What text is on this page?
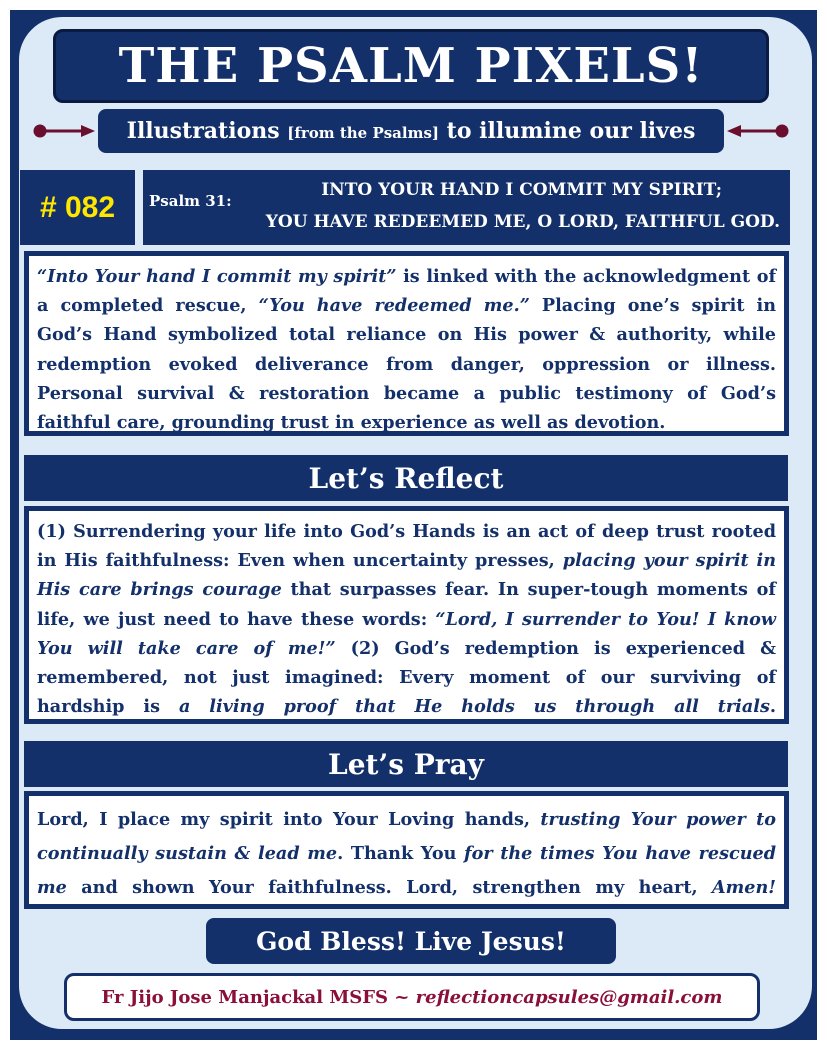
THE PSALM PIXELS!
Illustrations [from the Psalms] to illumine our lives
# 082 Psalm 31:
INTO YOUR HAND I COMMIT MY SPIRIT;
YOU HAVE REDEEMED ME, O LORD, FAITHFUL GOD.

“Into Your hand I commit my spirit” is linked with the acknowledgment of a completed rescue, “You have redeemed me.” Placing one’s spirit in God’s Hand symbolized total reliance on His power & authority, while redemption evoked deliverance from danger, oppression or illness. Personal survival & restoration became a public testimony of God’s faithful care, grounding trust in experience as well as devotion.

Let’s Reflect

(1) Surrendering your life into God’s Hands is an act of deep trust rooted in His faithfulness: Even when uncertainty presses, placing your spirit in His care brings courage that surpasses fear. In super-tough moments of life, we just need to have these words: “Lord, I surrender to You! I know You will take care of me!” (2) God’s redemption is experienced & remembered, not just imagined: Every moment of our surviving of hardship is a living proof that He holds us through all trials.

Let’s Pray

Lord, I place my spirit into Your Loving hands, trusting Your power to continually sustain & lead me. Thank You for the times You have rescued me and shown Your faithfulness. Lord, strengthen my heart, Amen!

God Bless! Live Jesus!
Fr Jijo Jose Manjackal MSFS ~ reflectioncapsules@gmail.com
